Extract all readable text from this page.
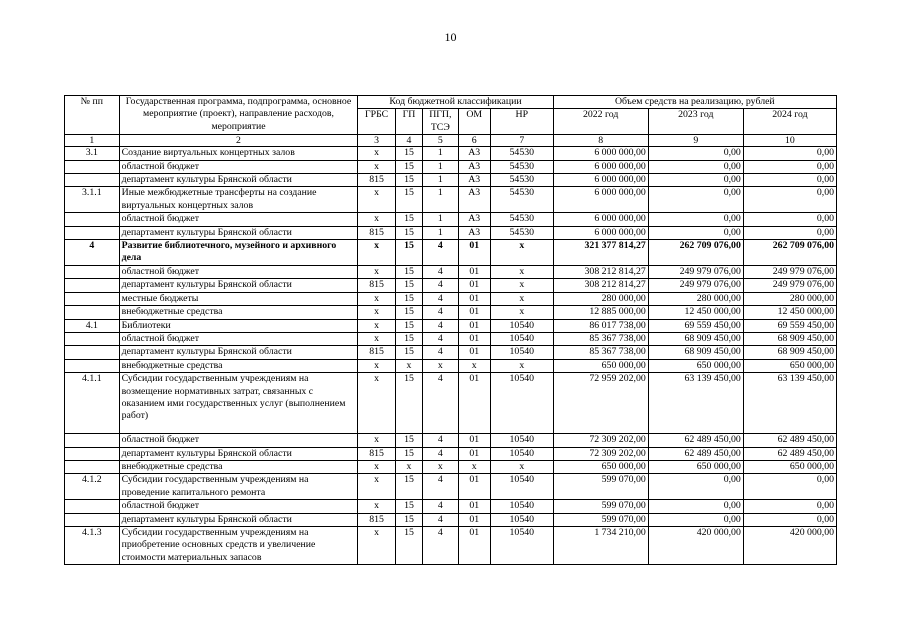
10
№ пп	Государственная программа, подпрограмма, основное мероприятие (проект), направление расходов, мероприятие	Код бюджетной классификации					Объем средств на реализацию, рублей		
		ГРБС	ГП	ПГП, ТСЭ	ОМ	НР	2022 год	2023 год	2024 год
1	2	3	4	5	6	7	8	9	10
3.1	Создание виртуальных концертных залов	х	15	1	А3	54530	6 000 000,00	0,00	0,00
	областной бюджет	х	15	1	А3	54530	6 000 000,00	0,00	0,00
	департамент культуры Брянской области	815	15	1	А3	54530	6 000 000,00	0,00	0,00
3.1.1	Иные межбюджетные трансферты на создание виртуальных концертных залов	х	15	1	А3	54530	6 000 000,00	0,00	0,00
	областной бюджет	х	15	1	А3	54530	6 000 000,00	0,00	0,00
	департамент культуры Брянской области	815	15	1	А3	54530	6 000 000,00	0,00	0,00
4	Развитие библиотечного, музейного и архивного дела	х	15	4	01	х	321 377 814,27	262 709 076,00	262 709 076,00
	областной бюджет	х	15	4	01	х	308 212 814,27	249 979 076,00	249 979 076,00
	департамент культуры Брянской области	815	15	4	01	х	308 212 814,27	249 979 076,00	249 979 076,00
	местные бюджеты	х	15	4	01	х	280 000,00	280 000,00	280 000,00
	внебюджетные средства	х	15	4	01	х	12 885 000,00	12 450 000,00	12 450 000,00
4.1	Библиотеки	х	15	4	01	10540	86 017 738,00	69 559 450,00	69 559 450,00
	областной бюджет	х	15	4	01	10540	85 367 738,00	68 909 450,00	68 909 450,00
	департамент культуры Брянской области	815	15	4	01	10540	85 367 738,00	68 909 450,00	68 909 450,00
	внебюджетные средства	х	х	х	х	х	650 000,00	650 000,00	650 000,00
4.1.1	Субсидии государственным учреждениям на возмещение нормативных затрат, связанных с оказанием ими государственных услуг (выполнением работ)	х	15	4	01	10540	72 959 202,00	63 139 450,00	63 139 450,00
	областной бюджет	х	15	4	01	10540	72 309 202,00	62 489 450,00	62 489 450,00
	департамент культуры Брянской области	815	15	4	01	10540	72 309 202,00	62 489 450,00	62 489 450,00
	внебюджетные средства	х	х	х	х	х	650 000,00	650 000,00	650 000,00
4.1.2	Субсидии государственным учреждениям на проведение капитального ремонта	х	15	4	01	10540	599 070,00	0,00	0,00
	областной бюджет	х	15	4	01	10540	599 070,00	0,00	0,00
	департамент культуры Брянской области	815	15	4	01	10540	599 070,00	0,00	0,00
4.1.3	Субсидии государственным учреждениям на приобретение основных средств и увеличение стоимости материальных запасов	х	15	4	01	10540	1 734 210,00	420 000,00	420 000,00
